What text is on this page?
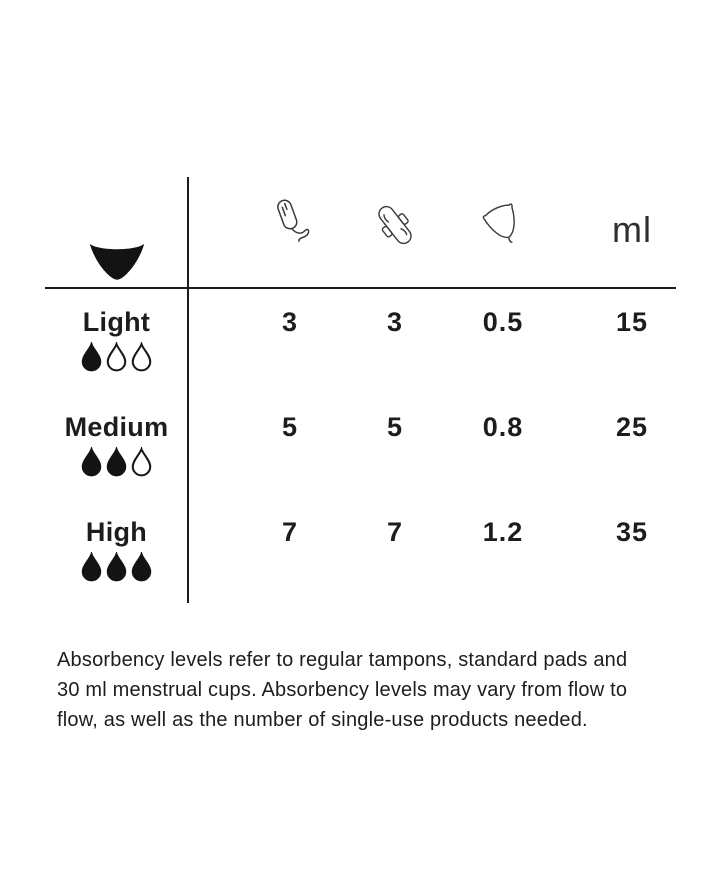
ml
Light	3	3	0.5	15
Medium	5	5	0.8	25
High	7	7	1.2	35
Absorbency levels refer to regular tampons, standard pads and
30 ml menstrual cups. Absorbency levels may vary from flow to
flow, as well as the number of single-use products needed.
